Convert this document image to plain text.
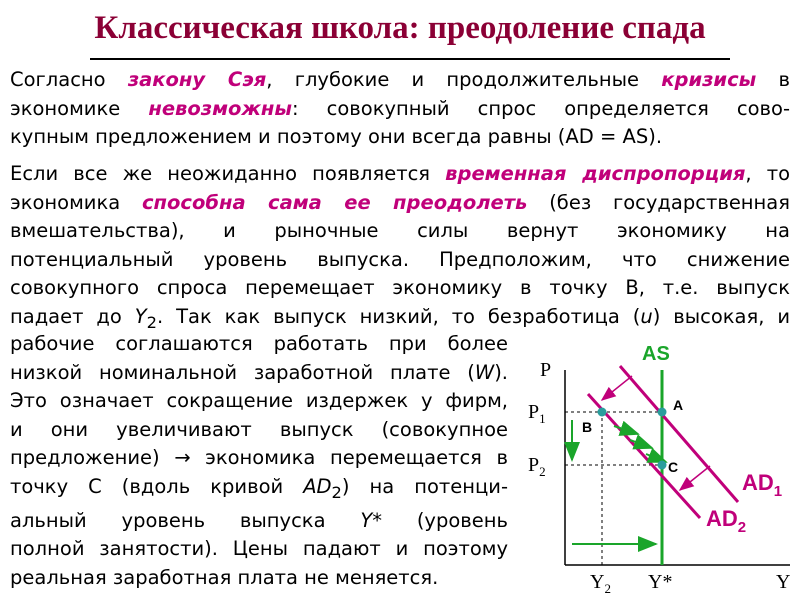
Классическая школа: преодоление спада
Согласно закону Сэя, глубокие и продолжительные кризисы в
экономике невозможны: совокупный спрос определяется сово-
купным предложением и поэтому они всегда равны (AD = AS).
Если все же неожиданно появляется временная диспропорция, то
экономика способна сама ее преодолеть (без государственная
вмешательства), и рыночные силы вернут экономику на
потенциальный уровень выпуска. Предположим, что снижение
совокупного спроса перемещает экономику в точку В, т.е. выпуск
падает до $Y_2$. Так как выпуск низкий, то безработица (u) высокая, и
рабочие соглашаются работать при более
низкой номинальной заработной плате (W).
Это означает сокращение издержек у фирм,
и они увеличивают выпуск (совокупное
предложение) → экономика перемещается в
точку С (вдоль кривой $AD_2$) на потенци-
альный уровень выпуска Y* (уровень
полной занятости). Цены падают и поэтому
реальная заработная плата не меняется.
P
Y
$P_1$
$P_2$
$Y_2$ Y*
AS
A
B
C
$AD_1$
$AD_2$
